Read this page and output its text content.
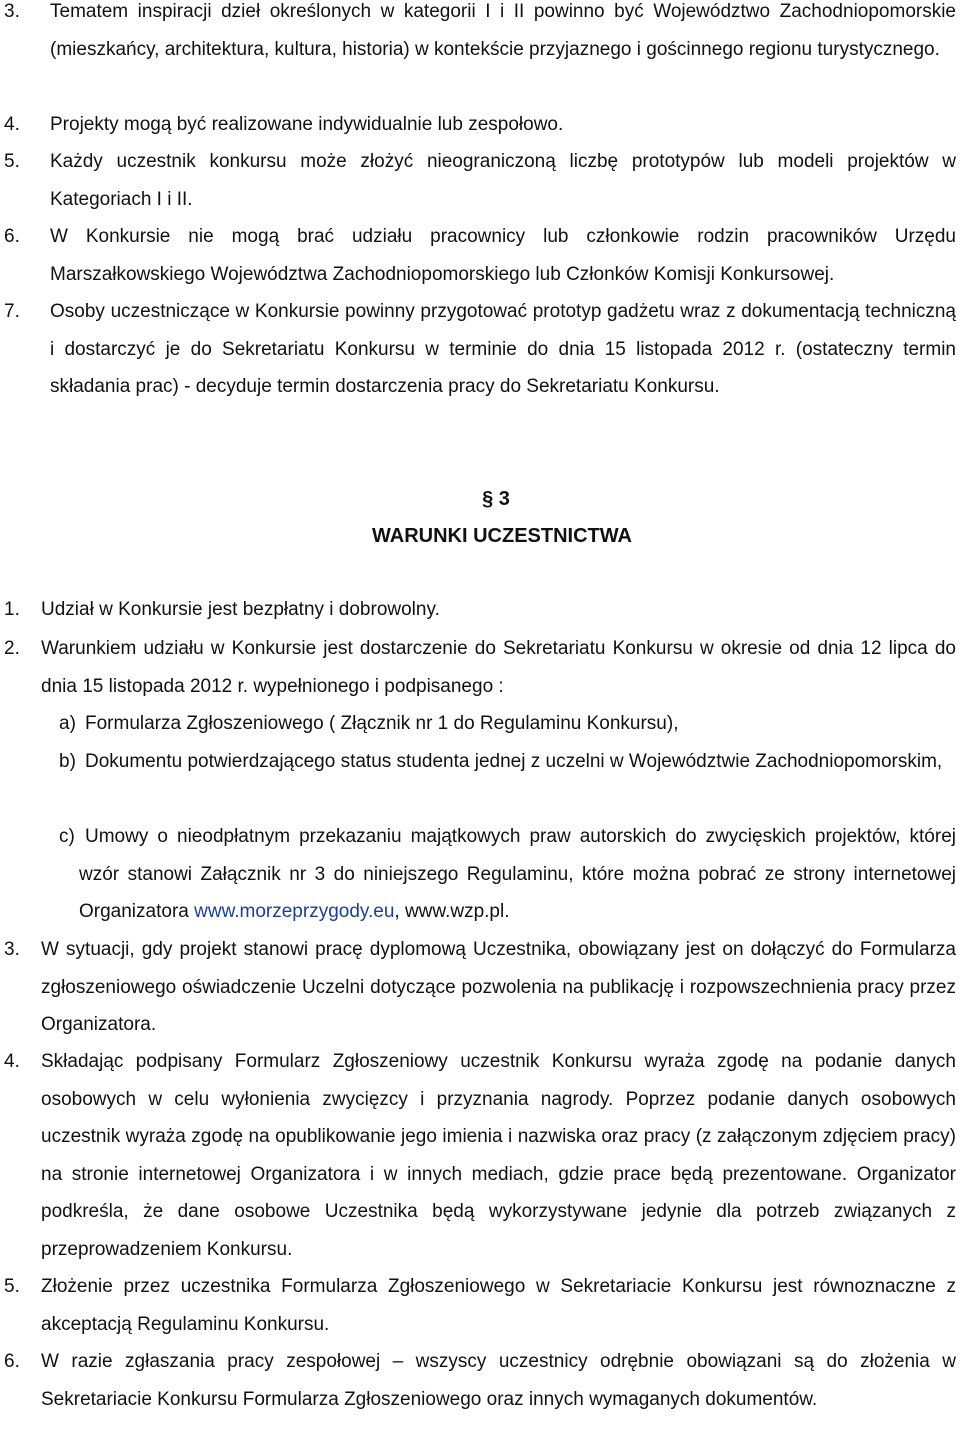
3.	Tematem inspiracji dzieł określonych w kategorii I i II powinno być Województwo Zachodniopomorskie (mieszkańcy, architektura, kultura, historia) w kontekście przyjaznego i gościnnego regionu turystycznego.
4.	Projekty mogą być realizowane indywidualnie lub zespołowo.
5.	Każdy uczestnik konkursu może złożyć nieograniczoną liczbę prototypów lub modeli projektów w Kategoriach I i II.
6.	W Konkursie nie mogą brać udziału pracownicy lub członkowie rodzin pracowników Urzędu Marszałkowskiego Województwa Zachodniopomorskiego lub Członków Komisji Konkursowej.
7.	Osoby uczestniczące w Konkursie powinny przygotować prototyp gadżetu wraz z dokumentacją techniczną i dostarczyć je do Sekretariatu Konkursu w terminie do dnia 15 listopada 2012 r. (ostateczny termin składania prac) - decyduje termin dostarczenia pracy do Sekretariatu Konkursu.
§ 3
WARUNKI UCZESTNICTWA
1.	Udział w Konkursie jest bezpłatny i dobrowolny.
2.	Warunkiem udziału w Konkursie jest dostarczenie do Sekretariatu Konkursu w okresie od dnia 12 lipca do dnia 15 listopada 2012 r. wypełnionego i podpisanego :
a) Formularza Zgłoszeniowego ( Złącznik nr 1 do Regulaminu Konkursu),
b) Dokumentu potwierdzającego status studenta jednej z uczelni w Województwie Zachodniopomorskim,
c) Umowy o nieodpłatnym przekazaniu majątkowych praw autorskich do zwycięskich projektów, której wzór stanowi Załącznik nr 3 do niniejszego Regulaminu, które można pobrać ze strony internetowej Organizatora www.morzeprzygody.eu, www.wzp.pl.
3.	W sytuacji, gdy projekt stanowi pracę dyplomową Uczestnika, obowiązany jest on dołączyć do Formularza zgłoszeniowego oświadczenie Uczelni dotyczące pozwolenia na publikację i rozpowszechnienia pracy przez Organizatora.
4.	Składając podpisany Formularz Zgłoszeniowy uczestnik Konkursu wyraża zgodę na podanie danych osobowych w celu wyłonienia zwycięzcy i przyznania nagrody. Poprzez podanie danych osobowych uczestnik wyraża zgodę na opublikowanie jego imienia i nazwiska oraz pracy (z załączonym zdjęciem pracy) na stronie internetowej Organizatora i w innych mediach, gdzie prace będą prezentowane. Organizator podkreśla, że dane osobowe Uczestnika będą wykorzystywane jedynie dla potrzeb związanych z przeprowadzeniem Konkursu.
5.	Złożenie przez uczestnika Formularza Zgłoszeniowego w Sekretariacie Konkursu jest równoznaczne z akceptacją Regulaminu Konkursu.
6.	W razie zgłaszania pracy zespołowej – wszyscy uczestnicy odrębnie obowiązani są do złożenia w Sekretariacie Konkursu Formularza Zgłoszeniowego oraz innych wymaganych dokumentów.
